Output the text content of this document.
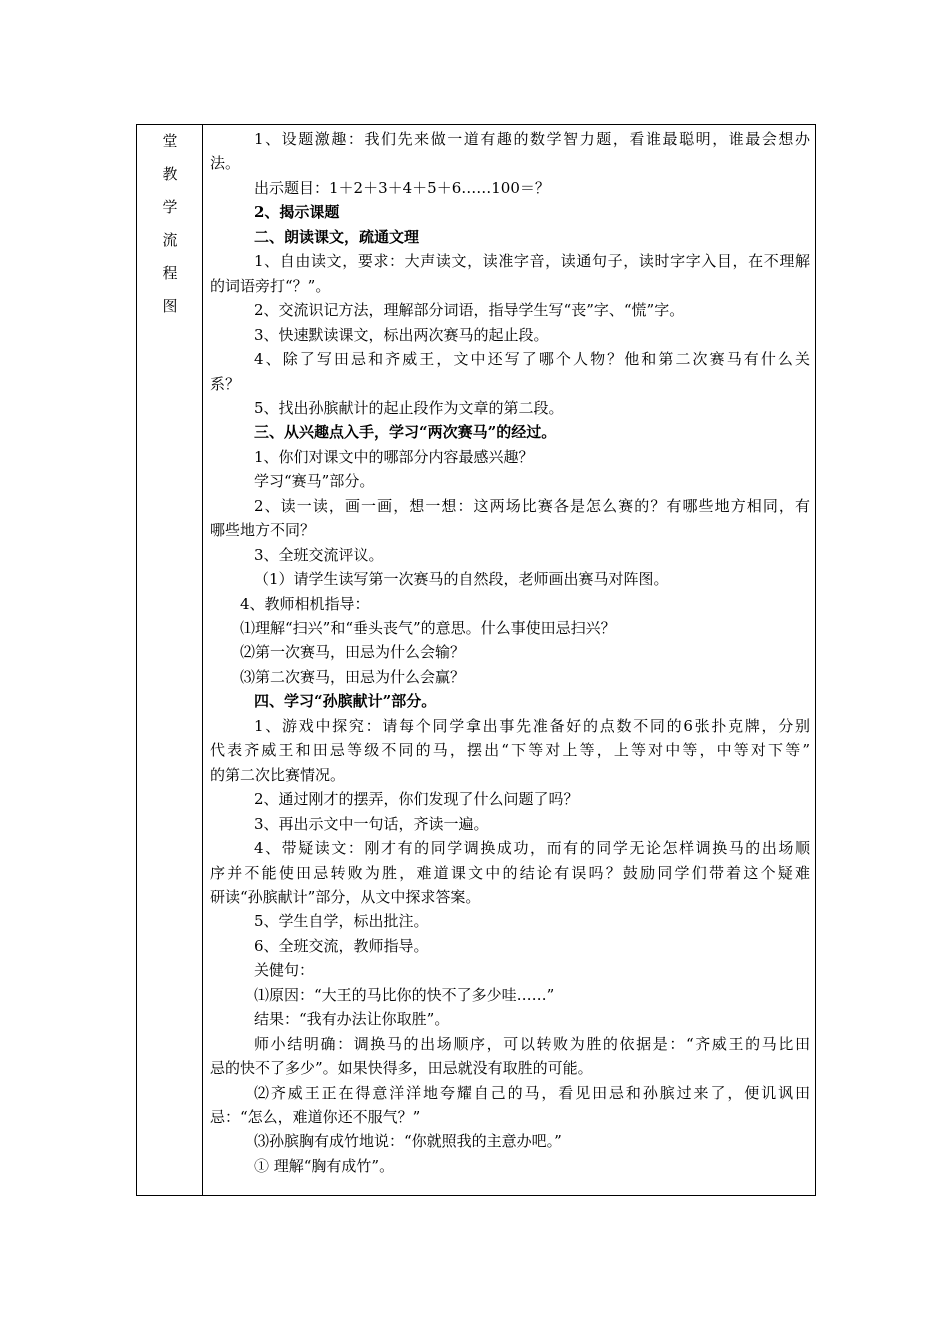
堂
教
学
流
程
图
1、设题激趣：我们先来做一道有趣的数学智力题，看谁最聪明，谁最会想办
法。
出示题目：1＋2＋3＋4＋5＋6……100＝？
2、揭示课题
二、朗读课文，疏通文理
1、自由读文，要求：大声读文，读准字音，读通句子，读时字字入目，在不理解
的词语旁打“？”。
2、交流识记方法，理解部分词语，指导学生写“丧”字、“慌”字。
3、快速默读课文，标出两次赛马的起止段。
4、除了写田忌和齐威王，文中还写了哪个人物？他和第二次赛马有什么关
系？
5、找出孙膑献计的起止段作为文章的第二段。
三、从兴趣点入手，学习“两次赛马”的经过。
1、你们对课文中的哪部分内容最感兴趣？
学习“赛马”部分。
2、读一读，画一画，想一想：这两场比赛各是怎么赛的？有哪些地方相同，有
哪些地方不同？
3、全班交流评议。
（1）请学生读写第一次赛马的自然段，老师画出赛马对阵图。
4、教师相机指导：
⑴理解“扫兴”和“垂头丧气”的意思。什么事使田忌扫兴？
⑵第一次赛马，田忌为什么会输？
⑶第二次赛马，田忌为什么会赢？
四、学习“孙膑献计”部分。
1、游戏中探究：请每个同学拿出事先准备好的点数不同的6张扑克牌，分别
代表齐威王和田忌等级不同的马，摆出“下等对上等，上等对中等，中等对下等”
的第二次比赛情况。
2、通过刚才的摆弄，你们发现了什么问题了吗？
3、再出示文中一句话，齐读一遍。
4、带疑读文：刚才有的同学调换成功，而有的同学无论怎样调换马的出场顺
序并不能使田忌转败为胜，难道课文中的结论有误吗？鼓励同学们带着这个疑难
研读“孙膑献计”部分，从文中探求答案。
5、学生自学，标出批注。
6、全班交流，教师指导。
关健句：
⑴原因：“大王的马比你的快不了多少哇……”
结果：“我有办法让你取胜”。
师小结明确：调换马的出场顺序，可以转败为胜的依据是：“齐威王的马比田
忌的快不了多少”。如果快得多，田忌就没有取胜的可能。
⑵齐威王正在得意洋洋地夸耀自己的马，看见田忌和孙膑过来了，便讥讽田
忌：“怎么，难道你还不服气？”
⑶孙膑胸有成竹地说：“你就照我的主意办吧。”
① 理解“胸有成竹”。
